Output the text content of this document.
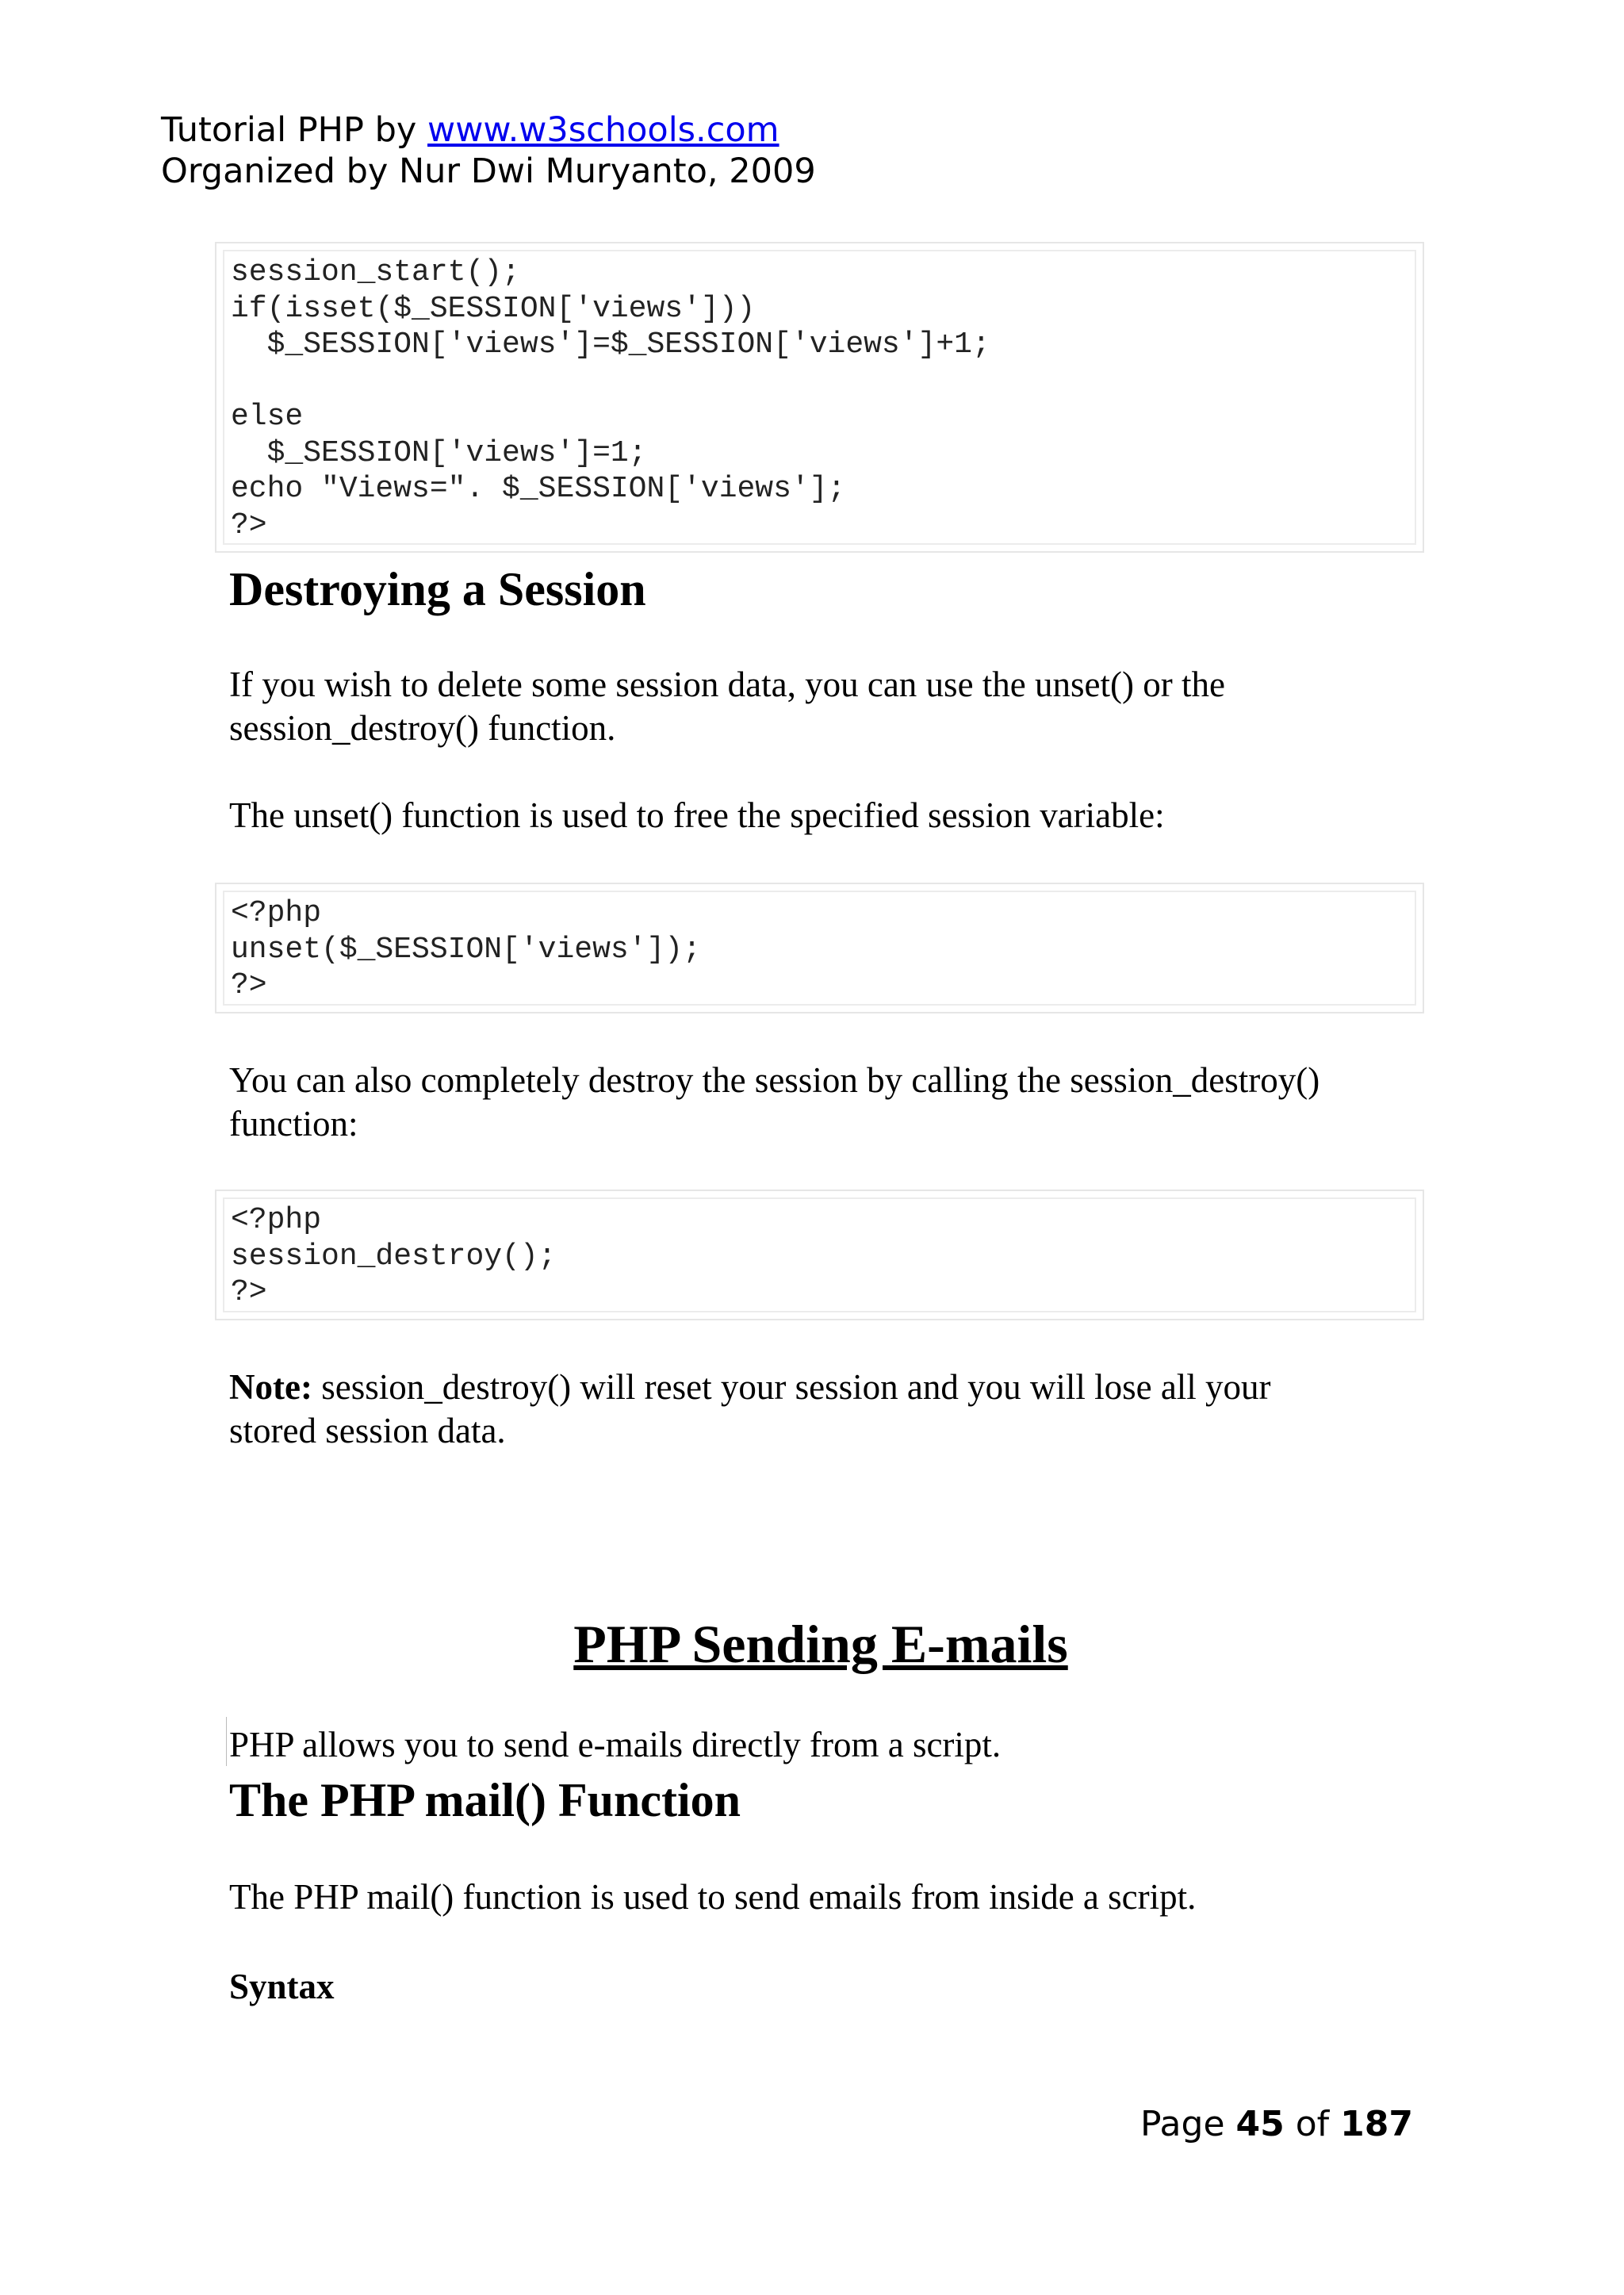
Tutorial PHP by www.w3schools.com
Organized by Nur Dwi Muryanto, 2009
session_start();
if(isset($_SESSION['views']))
$_SESSION['views']=$_SESSION['views']+1;

else
$_SESSION['views']=1;
echo "Views=". $_SESSION['views'];
?>
Destroying a Session
If you wish to delete some session data, you can use the unset() or the
session_destroy() function.
The unset() function is used to free the specified session variable:
<?php
unset($_SESSION['views']);
?>
You can also completely destroy the session by calling the session_destroy()
function:
<?php
session_destroy();
?>
Note: session_destroy() will reset your session and you will lose all your
stored session data.
PHP Sending E-mails
PHP allows you to send e-mails directly from a script.
The PHP mail() Function
The PHP mail() function is used to send emails from inside a script.
Syntax
Page 45 of 187
